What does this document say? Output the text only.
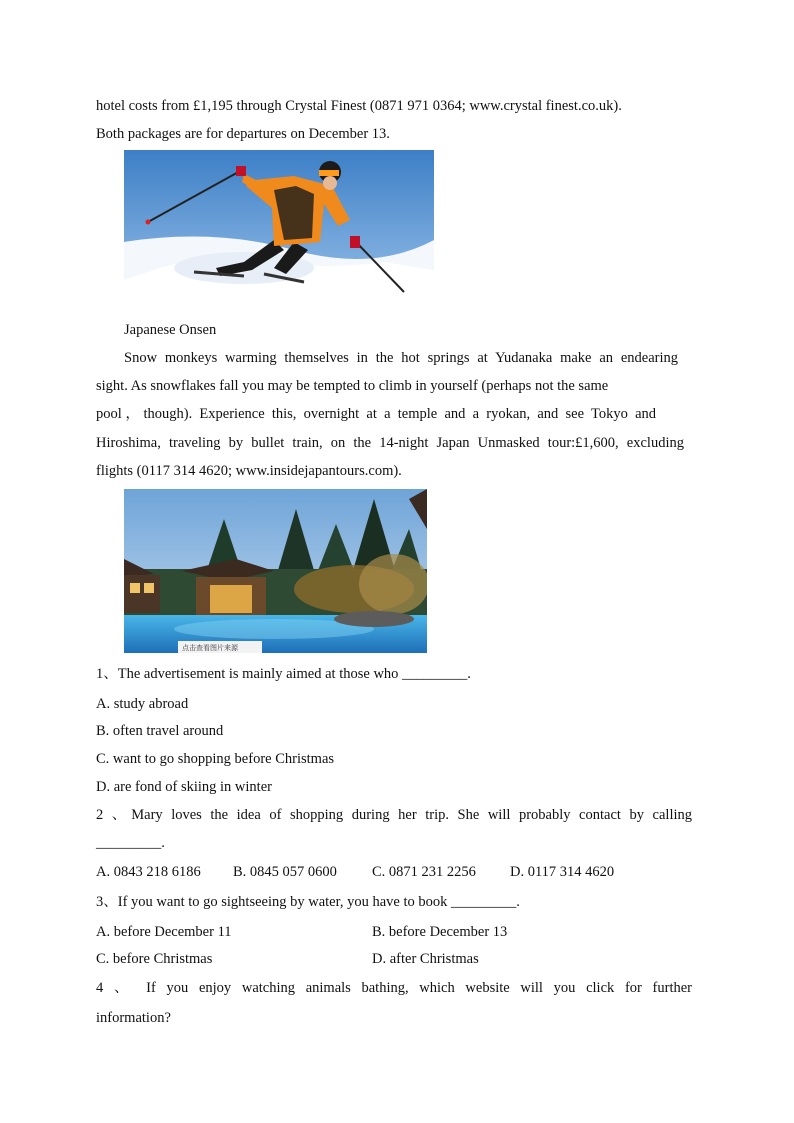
hotel costs from £1,195 through Crystal Finest (0871 971 0364; www.crystal finest.co.uk).
Both packages are for departures on December 13.
Japanese Onsen
Snow monkeys warming themselves in the hot springs at Yudanaka make an endearing
sight. As snowflakes fall you may be tempted to climb in yourself (perhaps not the same
pool，though). Experience this, overnight at a temple and a ryokan, and see Tokyo and
Hiroshima, traveling by bullet train, on the 14-night Japan Unmasked tour:£1,600, excluding
flights (0117 314 4620; www.insidejapantours.com).
点击查看图片来源
1、The advertisement is mainly aimed at those who _________.
A. study abroad
B. often travel around
C. want to go shopping before Christmas
D. are fond of skiing in winter
2 、Mary loves the idea of shopping during her trip. She will probably contact by calling
_________.
A. 0843 218 6186 B. 0845 057 0600 C. 0871 231 2256 D. 0117 314 4620
3、If you want to go sightseeing by water, you have to book _________.
A. before December 11	B. before December 13
C. before Christmas	D. after Christmas
4 、 If you enjoy watching animals bathing, which website will you click for further
information?
